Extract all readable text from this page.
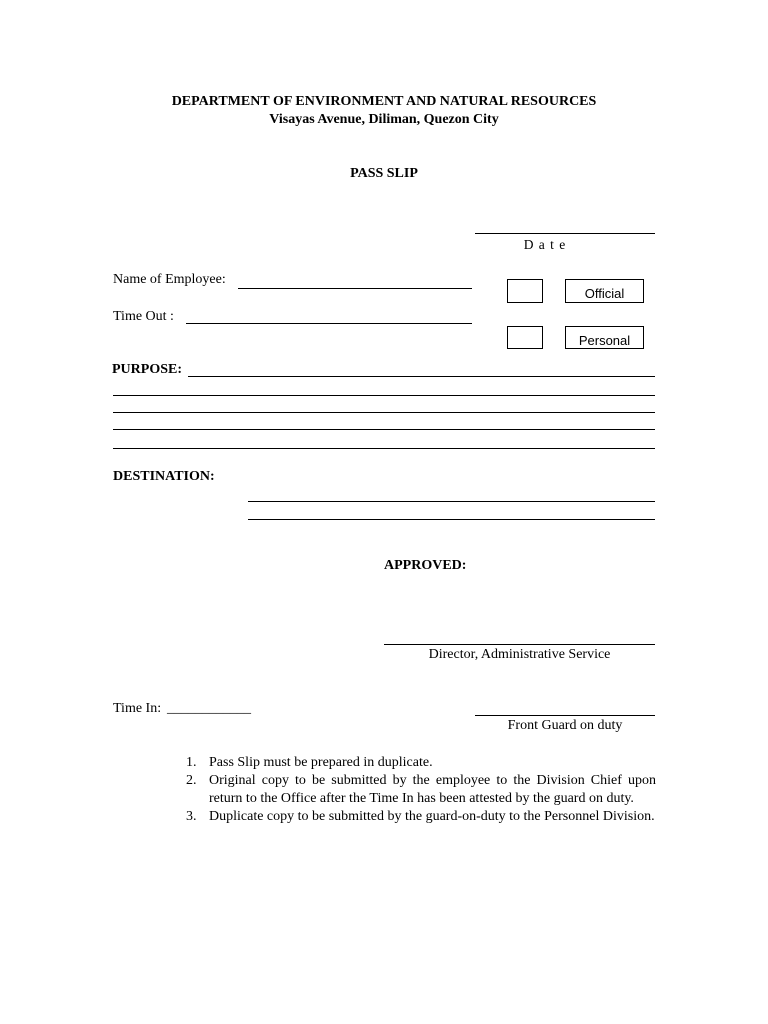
DEPARTMENT OF ENVIRONMENT AND NATURAL RESOURCES
Visayas Avenue, Diliman, Quezon City
PASS SLIP
D a t e
Name of Employee:
Time Out :
Official
Personal
PURPOSE:
DESTINATION:
APPROVED:
Director, Administrative Service
Time In: ____________
Front Guard on duty
1. Pass Slip must be prepared in duplicate.
2. Original copy to be submitted by the employee to the Division Chief upon return to the Office after the Time In has been attested by the guard on duty.
3. Duplicate copy to be submitted by the guard-on-duty to the Personnel Division.
